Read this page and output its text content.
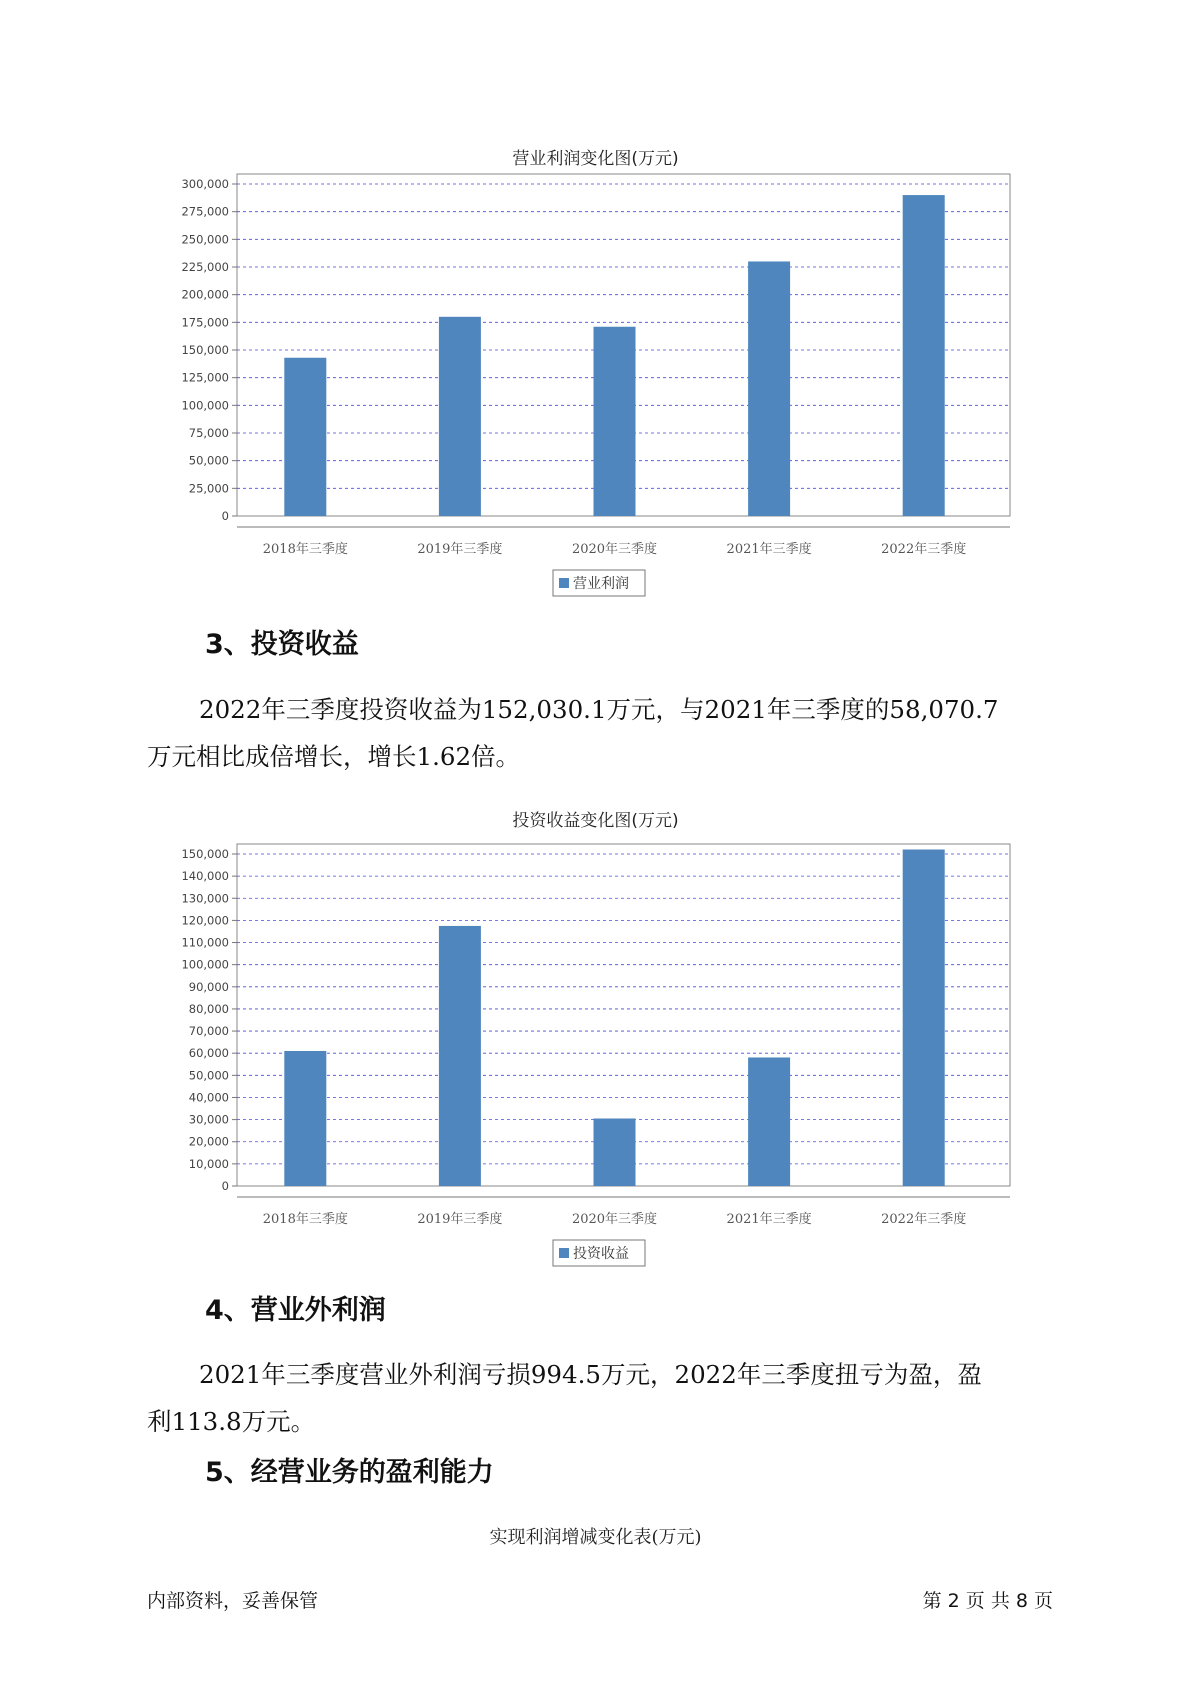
营业利润变化图(万元)
0
25,000
50,000
75,000
100,000
125,000
150,000
175,000
200,000
225,000
250,000
275,000
300,000
2018年三季度	2019年三季度	2020年三季度	2021年三季度	2022年三季度
营业利润
3、投资收益
2022年三季度投资收益为152,030.1万元，与2021年三季度的58,070.7
万元相比成倍增长，增长1.62倍。
投资收益变化图(万元)
0
10,000
20,000
30,000
40,000
50,000
60,000
70,000
80,000
90,000
100,000
110,000
120,000
130,000
140,000
150,000
2018年三季度	2019年三季度	2020年三季度	2021年三季度	2022年三季度
投资收益
4、营业外利润
2021年三季度营业外利润亏损994.5万元，2022年三季度扭亏为盈，盈
利113.8万元。
5、经营业务的盈利能力
实现利润增减变化表(万元)
内部资料，妥善保管	第 2 页 共 8 页
